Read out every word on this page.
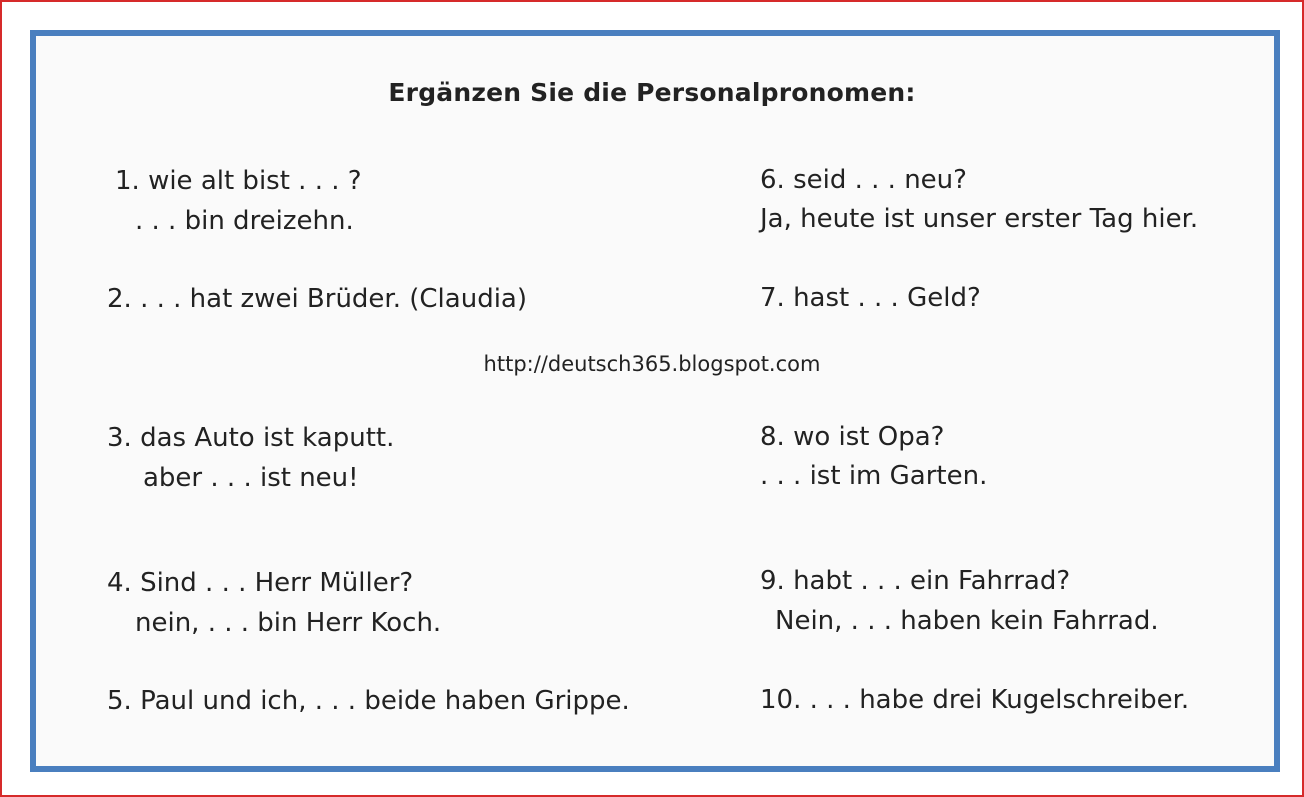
Ergänzen Sie die Personalpronomen:

1. wie alt bist . . . ?

. . . bin dreizehn.

2. . . . hat zwei Brüder. (Claudia)

3. das Auto ist kaputt.

aber . . . ist neu!

4. Sind . . . Herr Müller?

nein, . . . bin Herr Koch.

5. Paul und ich, . . . beide haben Grippe.

6. seid . . . neu?

Ja, heute ist unser erster Tag hier.

7. hast . . . Geld?

http://deutsch365.blogspot.com

8. wo ist Opa?

. . . ist im Garten.

9. habt . . . ein Fahrrad?

Nein, . . . haben kein Fahrrad.

10. . . . habe drei Kugelschreiber.
